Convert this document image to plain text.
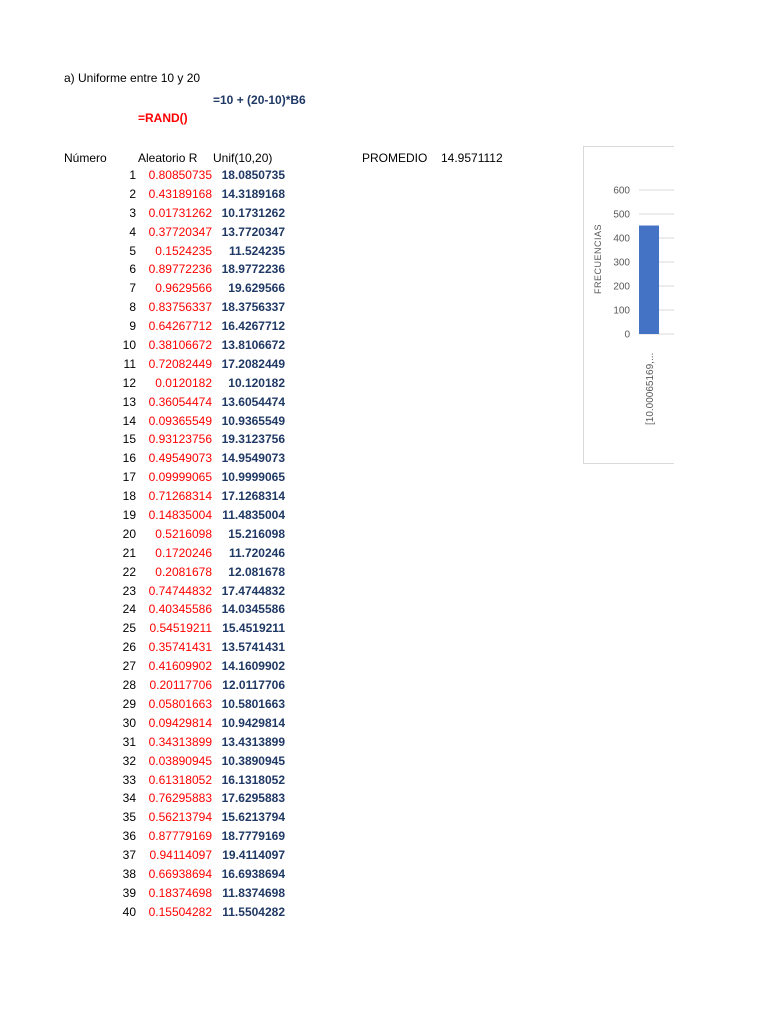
a) Uniforme entre 10 y 20
=10 + (20-10)*B6
=RAND()
Número	Aleatorio R Unif(10,20)	PROMEDIO 14.9571112
1	0.80850735 18.0850735
2	0.43189168 14.3189168
3	0.01731262 10.1731262
4	0.37720347 13.7720347
5	0.1524235	11.524235
6	0.89772236 18.9772236
7	0.9629566	19.629566
8	0.83756337 18.3756337
9	0.64267712 16.4267712
10	0.38106672 13.8106672
11	0.72082449 17.2082449
12	0.0120182	10.120182
13	0.36054474 13.6054474
14	0.09365549 10.9365549
15	0.93123756 19.3123756
16	0.49549073 14.9549073
17	0.09999065 10.9999065
18	0.71268314 17.1268314
19	0.14835004 11.4835004
20	0.5216098	15.216098
21	0.1720246	11.720246
22	0.2081678	12.081678
23	0.74744832 17.4744832
24	0.40345586 14.0345586
25	0.54519211 15.4519211
26	0.35741431 13.5741431
27	0.41609902 14.1609902
28	0.20117706 12.0117706
29	0.05801663 10.5801663
30	0.09429814 10.9429814
31	0.34313899 13.4313899
32	0.03890945 10.3890945
33	0.61318052 16.1318052
34	0.76295883 17.6295883
35	0.56213794 15.6213794
36	0.87779169 18.7779169
37	0.94114097 19.4114097
38	0.66938694 16.6938694
39	0.18374698 11.8374698
40	0.15504282 11.5504282
0
100
200
300
400
500
600
FRECUENCIAS
[10.00065169,...
